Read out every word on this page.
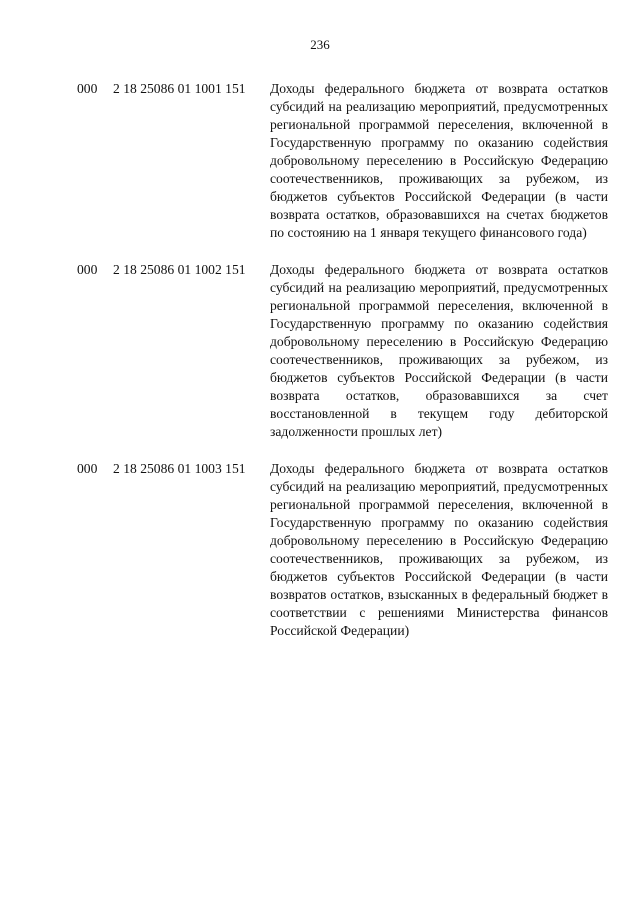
236
000 2 18 25086 01 1001 151 Доходы федерального бюджета от возврата остатков субсидий на реализацию мероприятий, предусмотренных региональной программой переселения, включенной в Государственную программу по оказанию содействия добровольному переселению в Российскую Федерацию соотечественников, проживающих за рубежом, из бюджетов субъектов Российской Федерации (в части возврата остатков, образовавшихся на счетах бюджетов по состоянию на 1 января текущего финансового года)
000 2 18 25086 01 1002 151 Доходы федерального бюджета от возврата остатков субсидий на реализацию мероприятий, предусмотренных региональной программой переселения, включенной в Государственную программу по оказанию содействия добровольному переселению в Российскую Федерацию соотечественников, проживающих за рубежом, из бюджетов субъектов Российской Федерации (в части возврата остатков, образовавшихся за счет восстановленной в текущем году дебиторской задолженности прошлых лет)
000 2 18 25086 01 1003 151 Доходы федерального бюджета от возврата остатков субсидий на реализацию мероприятий, предусмотренных региональной программой переселения, включенной в Государственную программу по оказанию содействия добровольному переселению в Российскую Федерацию соотечественников, проживающих за рубежом, из бюджетов субъектов Российской Федерации (в части возвратов остатков, взысканных в федеральный бюджет в соответствии с решениями Министерства финансов Российской Федерации)
